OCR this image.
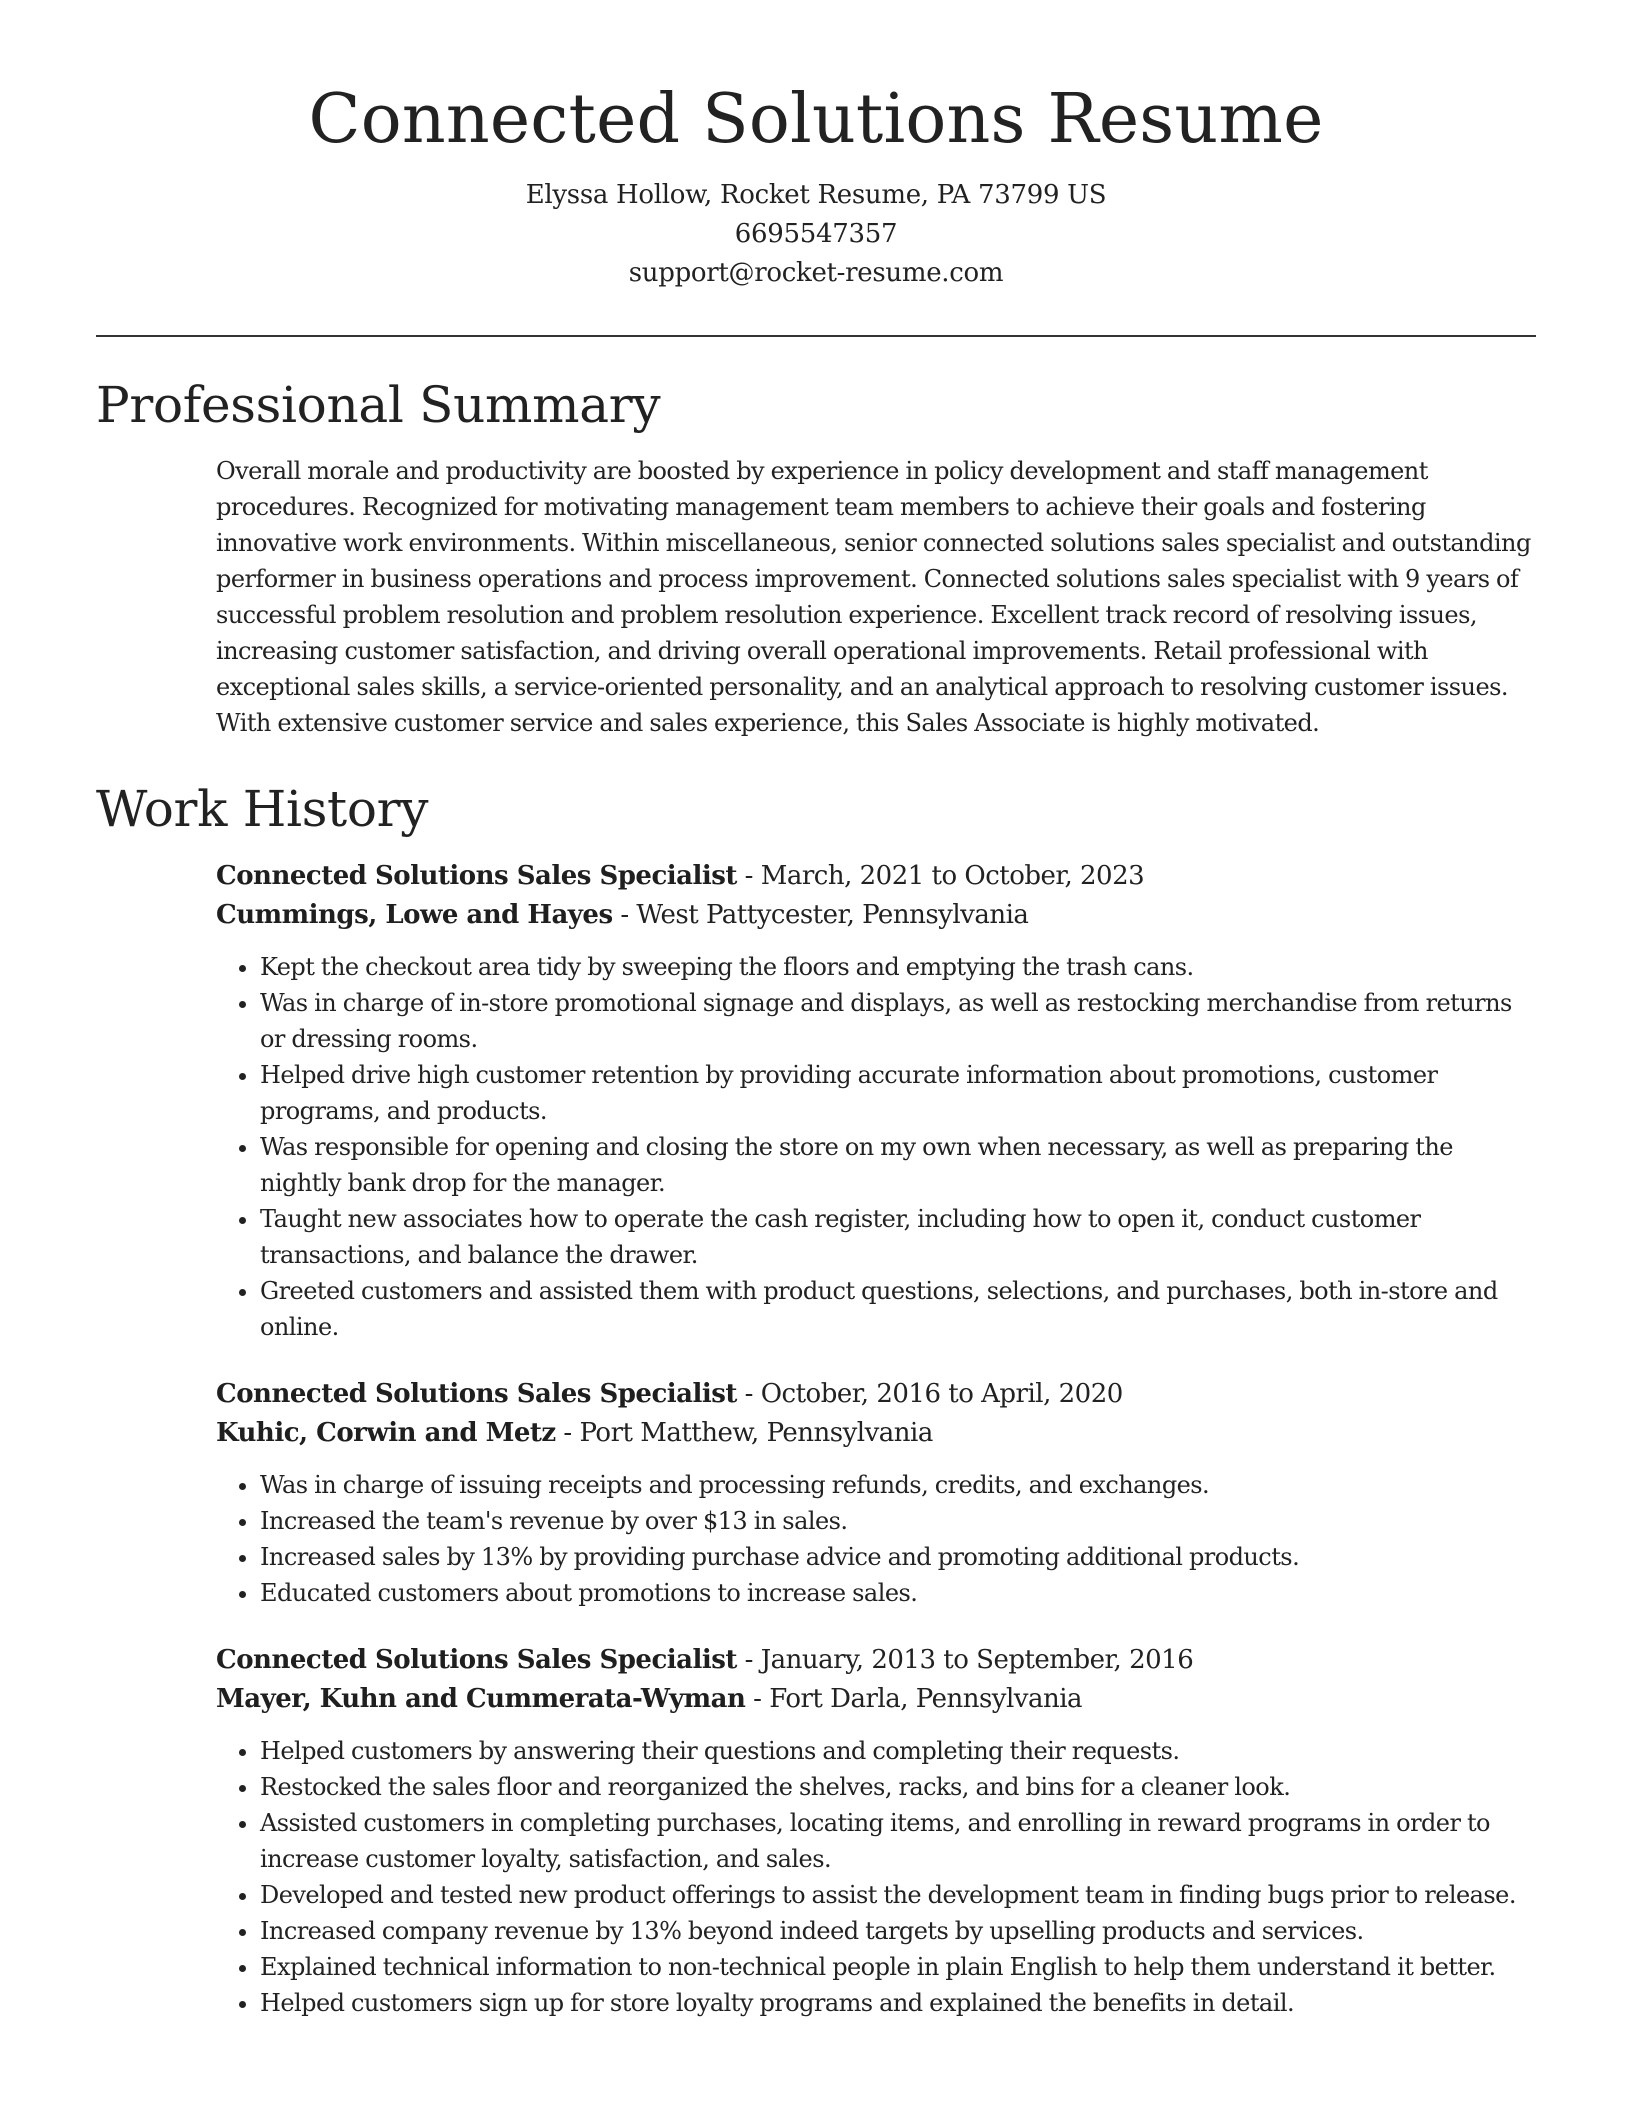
Connected Solutions Resume
Elyssa Hollow, Rocket Resume, PA 73799 US
6695547357
support@rocket-resume.com
Professional Summary

Overall morale and productivity are boosted by experience in policy development and staff management procedures. Recognized for motivating management team members to achieve their goals and fostering innovative work environments. Within miscellaneous, senior connected solutions sales specialist and outstanding performer in business operations and process improvement. Connected solutions sales specialist with 9 years of successful problem resolution and problem resolution experience. Excellent track record of resolving issues, increasing customer satisfaction, and driving overall operational improvements. Retail professional with exceptional sales skills, a service-oriented personality, and an analytical approach to resolving customer issues. With extensive customer service and sales experience, this Sales Associate is highly motivated.

Work History
Connected Solutions Sales Specialist - March, 2021 to October, 2023
Cummings, Lowe and Hayes - West Pattycester, Pennsylvania
• Kept the checkout area tidy by sweeping the floors and emptying the trash cans.
• Was in charge of in-store promotional signage and displays, as well as restocking merchandise from returns or dressing rooms.
• Helped drive high customer retention by providing accurate information about promotions, customer programs, and products.
• Was responsible for opening and closing the store on my own when necessary, as well as preparing the nightly bank drop for the manager.
• Taught new associates how to operate the cash register, including how to open it, conduct customer transactions, and balance the drawer.
• Greeted customers and assisted them with product questions, selections, and purchases, both in-store and online.
Connected Solutions Sales Specialist - October, 2016 to April, 2020
Kuhic, Corwin and Metz - Port Matthew, Pennsylvania
• Was in charge of issuing receipts and processing refunds, credits, and exchanges.
• Increased the team's revenue by over $13 in sales.
• Increased sales by 13% by providing purchase advice and promoting additional products.
• Educated customers about promotions to increase sales.
Connected Solutions Sales Specialist - January, 2013 to September, 2016
Mayer, Kuhn and Cummerata-Wyman - Fort Darla, Pennsylvania
• Helped customers by answering their questions and completing their requests.
• Restocked the sales floor and reorganized the shelves, racks, and bins for a cleaner look.
• Assisted customers in completing purchases, locating items, and enrolling in reward programs in order to increase customer loyalty, satisfaction, and sales.
• Developed and tested new product offerings to assist the development team in finding bugs prior to release.
• Increased company revenue by 13% beyond indeed targets by upselling products and services.
• Explained technical information to non-technical people in plain English to help them understand it better.
• Helped customers sign up for store loyalty programs and explained the benefits in detail.
